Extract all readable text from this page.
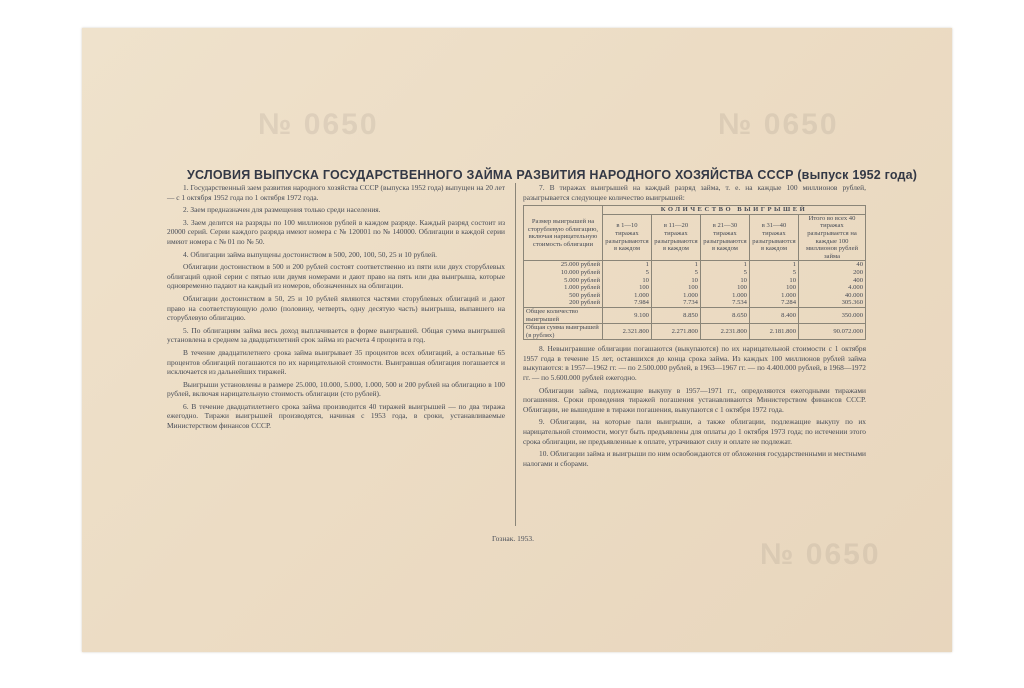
№ 0650	№ 0650
№ 0650
УСЛОВИЯ ВЫПУСКА ГОСУДАРСТВЕННОГО ЗАЙМА РАЗВИТИЯ НАРОДНОГО ХОЗЯЙСТВА СССР (выпуск 1952 года)

1. Государственный заем развития народного хозяйства СССР (выпуска 1952 года) выпущен на 20 лет — с 1 октября 1952 года по 1 октября 1972 года.

2. Заем предназначен для размещения только среди населения.

3. Заем делится на разряды по 100 миллионов рублей в каждом разряде. Каждый разряд состоит из 20000 серий. Серии каждого разряда имеют номера с № 120001 по № 140000. Облигации в каждой серии имеют номера с № 01 по № 50.

4. Облигации займа выпущены достоинством в 500, 200, 100, 50, 25 и 10 рублей.

Облигации достоинством в 500 и 200 рублей состоят соответственно из пяти или двух сторублевых облигаций одной серии с пятью или двумя номерами и дают право на пять или два выигрыша, которые одновременно падают на каждый из номеров, обозначенных на облигации.

Облигации достоинством в 50, 25 и 10 рублей являются частями сторублевых облигаций и дают право на соответствующую долю (половину, четверть, одну десятую часть) выигрыша, выпавшего на сторублевую облигацию.

5. По облигациям займа весь доход выплачивается в форме выигрышей. Общая сумма выигрышей установлена в среднем за двадцатилетний срок займа из расчета 4 процента в год.

В течение двадцатилетнего срока займа выигрывает 35 процентов всех облигаций, а остальные 65 процентов облигаций погашаются по их нарицательной стоимости. Выигравшая облигация погашается и исключается из дальнейших тиражей.

Выигрыши установлены в размере 25.000, 10.000, 5.000, 1.000, 500 и 200 рублей на облигацию в 100 рублей, включая нарицательную стоимость облигации (сто рублей).

6. В течение двадцатилетнего срока займа производится 40 тиражей выигрышей — по два тиража ежегодно. Тиражи выигрышей производятся, начиная с 1953 года, в сроки, устанавливаемые Министерством финансов СССР.

7. В тиражах выигрышей на каждый разряд займа, т. е. на каждые 100 миллионов рублей, разыгрывается следующее количество выигрышей:

Размер выигрышей на сторублевую облигацию, включая нарицательную стоимость облигации	КОЛИЧЕСТВО ВЫИГРЫШЕЙ				
	в 1—10 тиражах разыгрываются в каждом	в 11—20 тиражах разыгрываются в каждом	в 21—30 тиражах разыгрываются в каждом	в 31—40 тиражах разыгрываются в каждом	Итого во всех 40 тиражах разыгрывается на каждые 100 миллионов рублей займа
25.000 рублей	1	1	1	1	40
10.000 рублей	5	5	5	5	200
5.000 рублей	10	10	10	10	400
1.000 рублей	100	100	100	100	4.000
500 рублей	1.000	1.000	1.000	1.000	40.000
200 рублей	7.984	7.734	7.534	7.284	305.360
Общее количество выигрышей	9.100	8.850	8.650	8.400	350.000
Общая сумма выигрышей (в рублях)	2.321.800	2.271.800	2.231.800	2.181.800	90.072.000

8. Невыигравшие облигации погашаются (выкупаются) по их нарицательной стоимости с 1 октября 1957 года в течение 15 лет, оставшихся до конца срока займа. Из каждых 100 миллионов рублей займа выкупаются: в 1957—1962 гг. — по 2.500.000 рублей, в 1963—1967 гг. — по 4.400.000 рублей, в 1968—1972 гг. — по 5.600.000 рублей ежегодно.

Облигации займа, подлежащие выкупу в 1957—1971 гг., определяются ежегодными тиражами погашения. Сроки проведения тиражей погашения устанавливаются Министерством финансов СССР. Облигации, не вышедшие в тиражи погашения, выкупаются с 1 октября 1972 года.

9. Облигации, на которые пали выигрыши, а также облигации, подлежащие выкупу по их нарицательной стоимости, могут быть предъявлены для оплаты до 1 октября 1973 года; по истечении этого срока облигации, не предъявленные к оплате, утрачивают силу и оплате не подлежат.

10. Облигации займа и выигрыши по ним освобождаются от обложения государственными и местными налогами и сборами.

Гознак. 1953.
